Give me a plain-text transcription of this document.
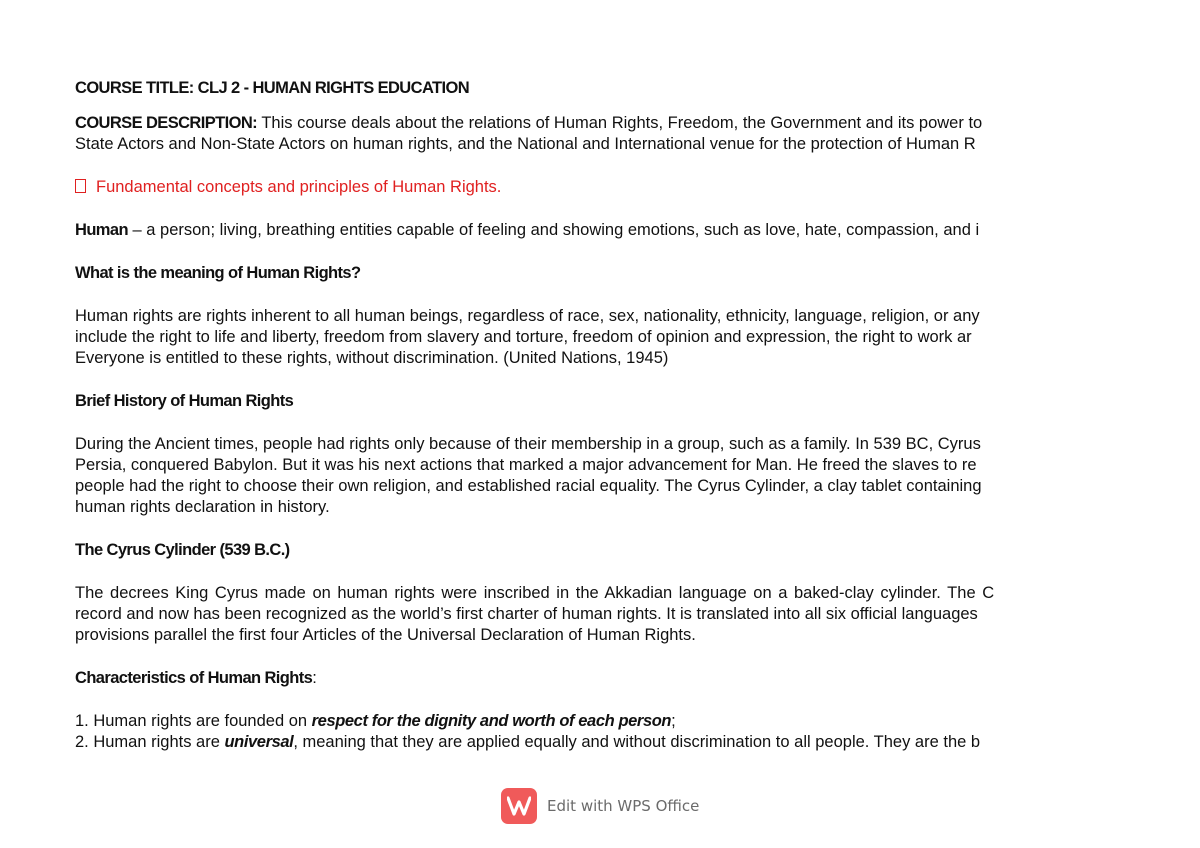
COURSE TITLE: CLJ 2 - HUMAN RIGHTS EDUCATION
COURSE DESCRIPTION: This course deals about the relations of Human Rights, Freedom, the Government and its power to
State Actors and Non-State Actors on human rights, and the National and International venue for the protection of Human R
Fundamental concepts and principles of Human Rights.
Human – a person; living, breathing entities capable of feeling and showing emotions, such as love, hate, compassion, and i
What is the meaning of Human Rights?
Human rights are rights inherent to all human beings, regardless of race, sex, nationality, ethnicity, language, religion, or any
include the right to life and liberty, freedom from slavery and torture, freedom of opinion and expression, the right to work ar
Everyone is entitled to these rights, without discrimination. (United Nations, 1945)
Brief History of Human Rights
During the Ancient times, people had rights only because of their membership in a group, such as a family. In 539 BC, Cyrus
Persia, conquered Babylon. But it was his next actions that marked a major advancement for Man. He freed the slaves to re
people had the right to choose their own religion, and established racial equality. The Cyrus Cylinder, a clay tablet containing
human rights declaration in history.
The Cyrus Cylinder (539 B.C.)
The decrees King Cyrus made on human rights were inscribed in the Akkadian language on a baked-clay cylinder. The C
record and now has been recognized as the world’s first charter of human rights. It is translated into all six official languages
provisions parallel the first four Articles of the Universal Declaration of Human Rights.
Characteristics of Human Rights:
1. Human rights are founded on respect for the dignity and worth of each person;
2. Human rights are universal, meaning that they are applied equally and without discrimination to all people. They are the b
Edit with WPS Office
